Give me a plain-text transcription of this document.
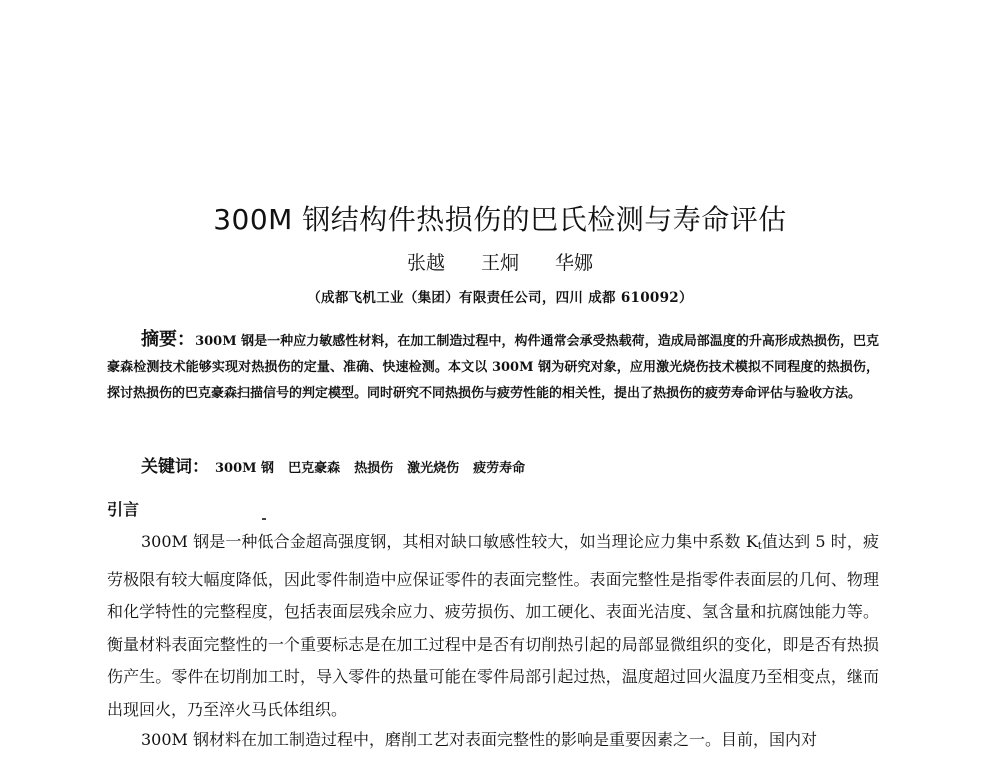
300M 钢结构件热损伤的巴氏检测与寿命评估
张越 王炯 华娜
（成都飞机工业（集团）有限责任公司，四川 成都 610092）

摘要：300M 钢是一种应力敏感性材料，在加工制造过程中，构件通常会承受热载荷，造成局部温度的升高形成热损伤，巴克豪森检测技术能够实现对热损伤的定量、准确、快速检测。本文以 300M 钢为研究对象，应用激光烧伤技术模拟不同程度的热损伤，探讨热损伤的巴克豪森扫描信号的判定模型。同时研究不同热损伤与疲劳性能的相关性，提出了热损伤的疲劳寿命评估与验收方法。

关键词： 300M 钢 巴克豪森 热损伤 激光烧伤 疲劳寿命
引言

300M 钢是一种低合金超高强度钢，其相对缺口敏感性较大，如当理论应力集中系数 $K_t$值达到 5 时，疲劳极限有较大幅度降低，因此零件制造中应保证零件的表面完整性。表面完整性是指零件表面层的几何、物理和化学特性的完整程度，包括表面层残余应力、疲劳损伤、加工硬化、表面光洁度、氢含量和抗腐蚀能力等。衡量材料表面完整性的一个重要标志是在加工过程中是否有切削热引起的局部显微组织的变化，即是否有热损伤产生。零件在切削加工时，导入零件的热量可能在零件局部引起过热，温度超过回火温度乃至相变点，继而出现回火，乃至淬火马氏体组织。

300M 钢材料在加工制造过程中，磨削工艺对表面完整性的影响是重要因素之一。目前，国内对
